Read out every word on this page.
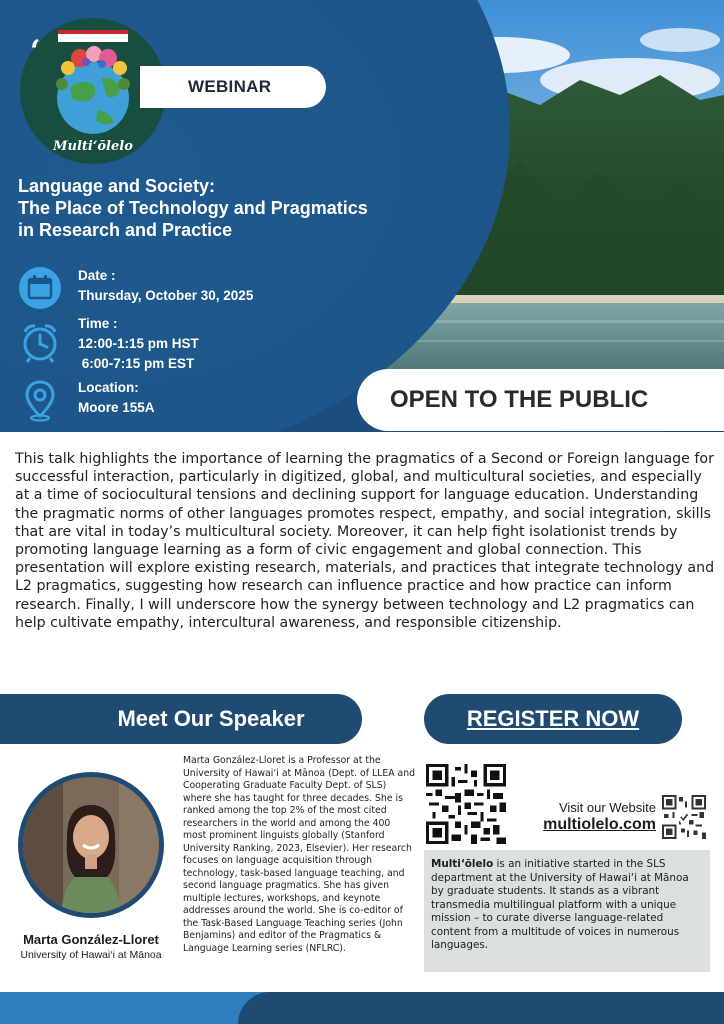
Multi‘ōlelo
‘
WEBINAR
Language and Society:
The Place of Technology and Pragmatics
in Research and Practice
Date :
Thursday, October 30, 2025
Time :
12:00-1:15 pm HST
6:00-7:15 pm EST
Location:
Moore 155A	OPEN TO THE PUBLIC

This talk highlights the importance of learning the pragmatics of a Second or Foreign language for successful interaction, particularly in digitized, global, and multicultural societies, and especially at a time of sociocultural tensions and declining support for language education. Understanding the pragmatic norms of other languages promotes respect, empathy, and social integration, skills that are vital in today’s multicultural society. Moreover, it can help fight isolationist trends by promoting language learning as a form of civic engagement and global connection. This presentation will explore existing research, materials, and practices that integrate technology and L2 pragmatics, suggesting how research can influence practice and how practice can inform research. Finally, I will underscore how the synergy between technology and L2 pragmatics can help cultivate empathy, intercultural awareness, and responsible citizenship.

Meet Our Speaker	REGISTER NOW
Marta González-Lloret
University of Hawai‘i at Mānoa

Marta González-Lloret is a Professor at the University of Hawai‘i at Mānoa (Dept. of LLEA and Cooperating Graduate Faculty Dept. of SLS) where she has taught for three decades. She is ranked among the top 2% of the most cited researchers in the world and among the 400 most prominent linguists globally (Stanford University Ranking, 2023, Elsevier). Her research focuses on language acquisition through technology, task-based language teaching, and second language pragmatics. She has given multiple lectures, workshops, and keynote addresses around the world. She is co-editor of the Task-Based Language Teaching series (John Benjamins) and editor of the Pragmatics & Language Learning series (NFLRC).

Visit our Website
multiolelo.com
Multi‘ōlelo is an initiative started in the SLS department at the University of Hawai‘i at Mānoa by graduate students. It stands as a vibrant transmedia multilingual platform with a unique mission – to curate diverse language-related content from a multitude of voices in numerous languages.
